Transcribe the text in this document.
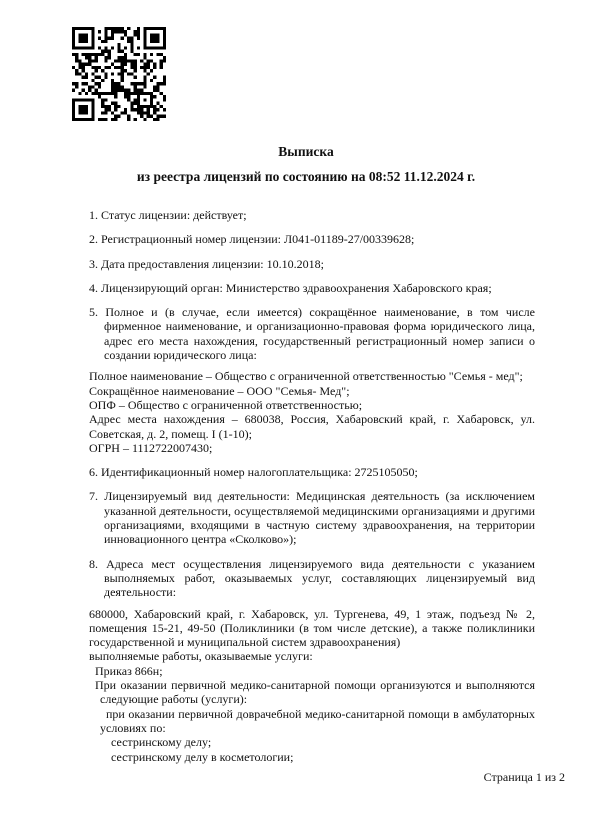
Выписка
из реестра лицензий по состоянию на 08:52 11.12.2024 г.
1. Статус лицензии: действует;
2. Регистрационный номер лицензии: Л041-01189-27/00339628;
3. Дата предоставления лицензии: 10.10.2018;
4. Лицензирующий орган: Министерство здравоохранения Хабаровского края;
5. Полное и (в случае, если имеется) сокращённое наименование, в том числе фирменное наименование, и организационно-правовая форма юридического лица, адрес его места нахождения, государственный регистрационный номер записи о создании юридического лица:
Полное наименование – Общество с ограниченной ответственностью "Семья - мед";
Сокращённое наименование – ООО "Семья- Мед";
ОПФ – Общество с ограниченной ответственностью;
Адрес места нахождения – 680038, Россия, Хабаровский край, г. Хабаровск, ул. Советская, д. 2, помещ. I (1-10);
ОГРН – 1112722007430;
6. Идентификационный номер налогоплательщика: 2725105050;
7. Лицензируемый вид деятельности: Медицинская деятельность (за исключением указанной деятельности, осуществляемой медицинскими организациями и другими организациями, входящими в частную систему здравоохранения, на территории инновационного центра «Сколково»);
8. Адреса мест осуществления лицензируемого вида деятельности с указанием выполняемых работ, оказываемых услуг, составляющих лицензируемый вид деятельности:
680000, Хабаровский край, г. Хабаровск, ул. Тургенева, 49, 1 этаж, подъезд № 2, помещения 15-21, 49-50 (Поликлиники (в том числе детские), а также поликлиники государственной и муниципальной систем здравоохранения)
выполняемые работы, оказываемые услуги:
Приказ 866н;
При оказании первичной медико-санитарной помощи организуются и выполняются
следующие работы (услуги):
при оказании первичной доврачебной медико-санитарной помощи в амбулаторных
условиях по:
сестринскому делу;
сестринскому делу в косметологии;
Страница 1 из 2
